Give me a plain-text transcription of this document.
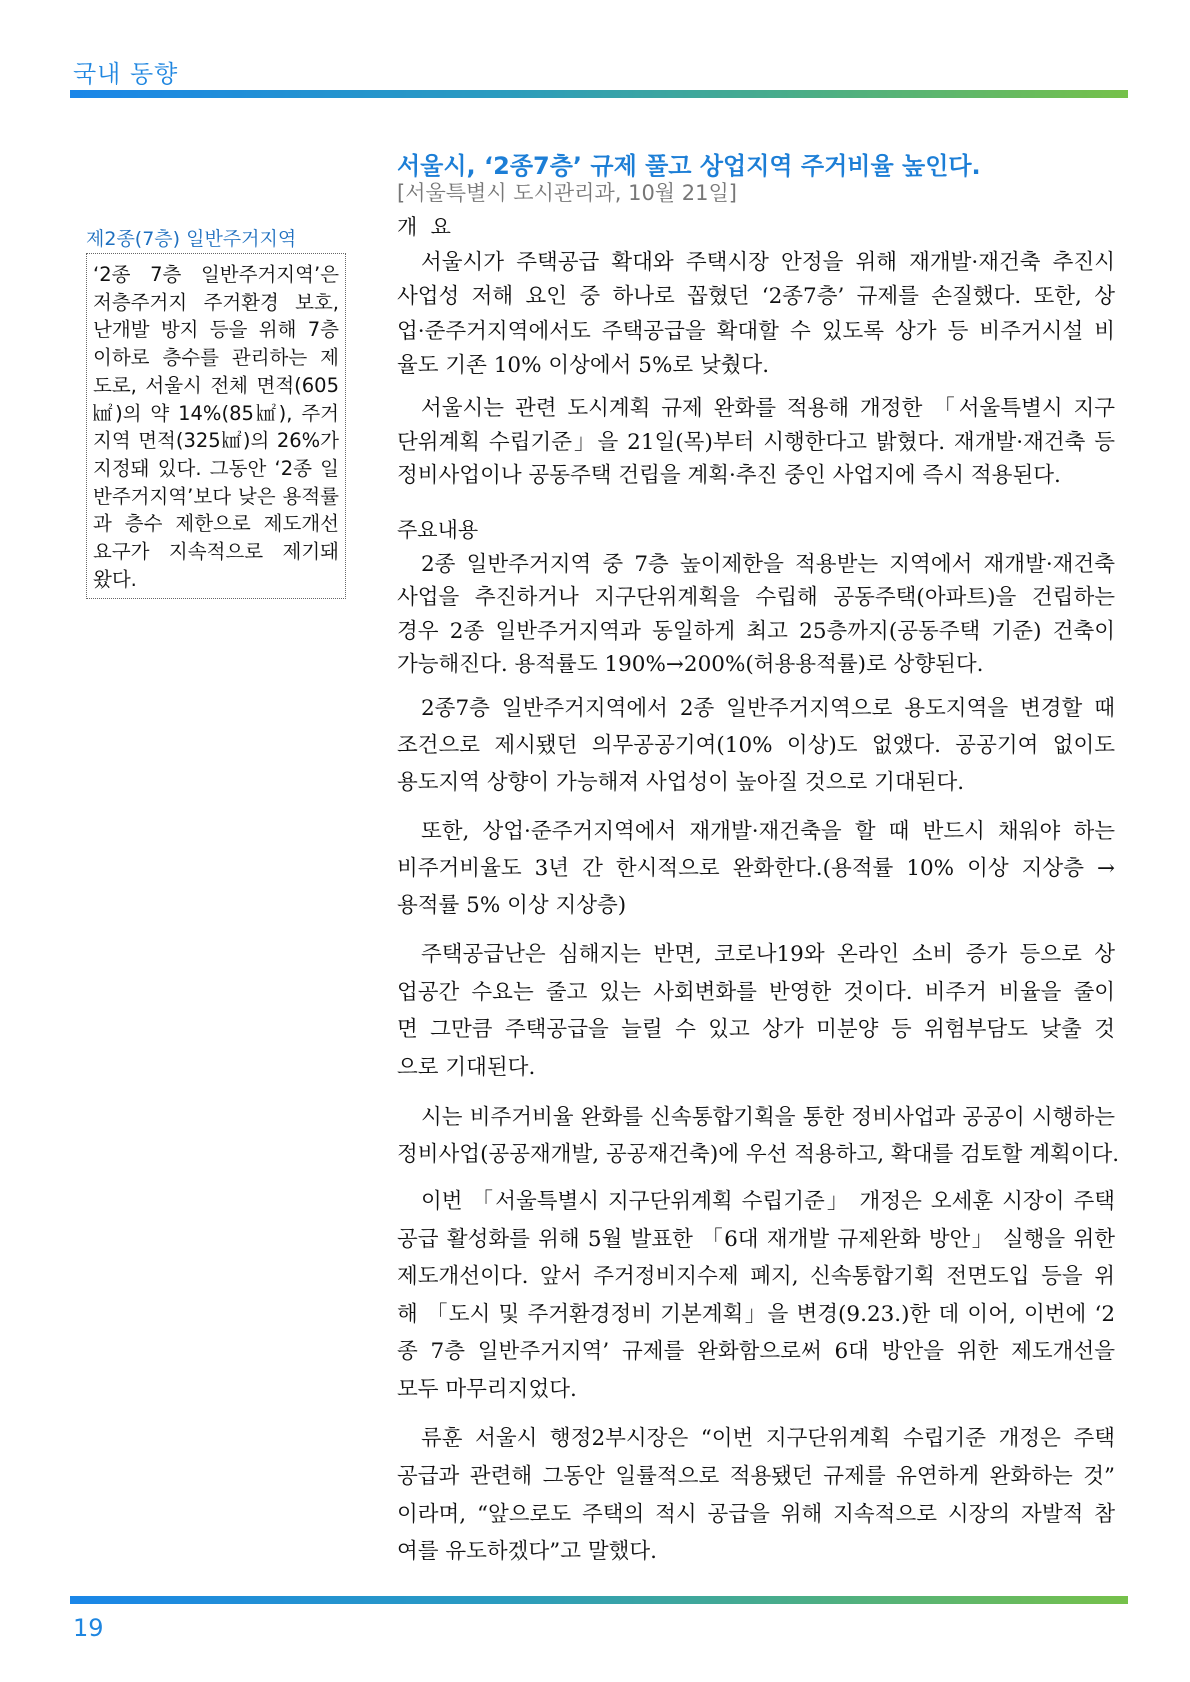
국내 동향
제2종(7층) 일반주거지역
‘2종 7층 일반주거지역’은
저층주거지 주거환경 보호,
난개발 방지 등을 위해 7층
이하로 층수를 관리하는 제
도로, 서울시 전체 면적(605
㎢)의 약 14%(85㎢), 주거
지역 면적(325㎢)의 26%가
지정돼 있다. 그동안 ‘2종 일
반주거지역’보다 낮은 용적률
과 층수 제한으로 제도개선
요구가 지속적으로 제기돼
왔다.
서울시, ‘2종7층’ 규제 풀고 상업지역 주거비율 높인다.
[서울특별시 도시관리과, 10월 21일]
개  요
주요내용
서울시가 주택공급 확대와 주택시장 안정을 위해 재개발·재건축 추진시
사업성 저해 요인 중 하나로 꼽혔던 ‘2종7층’ 규제를 손질했다. 또한, 상
업·준주거지역에서도 주택공급을 확대할 수 있도록 상가 등 비주거시설 비
율도 기존 10% 이상에서 5%로 낮췄다.
서울시는 관련 도시계획 규제 완화를 적용해 개정한 「서울특별시 지구
단위계획 수립기준」을 21일(목)부터 시행한다고 밝혔다. 재개발·재건축 등
정비사업이나 공동주택 건립을 계획·추진 중인 사업지에 즉시 적용된다.
2종 일반주거지역 중 7층 높이제한을 적용받는 지역에서 재개발·재건축
사업을 추진하거나 지구단위계획을 수립해 공동주택(아파트)을 건립하는
경우 2종 일반주거지역과 동일하게 최고 25층까지(공동주택 기준) 건축이
가능해진다. 용적률도 190%→200%(허용용적률)로 상향된다.
2종7층 일반주거지역에서 2종 일반주거지역으로 용도지역을 변경할 때
조건으로 제시됐던 의무공공기여(10% 이상)도 없앴다. 공공기여 없이도
용도지역 상향이 가능해져 사업성이 높아질 것으로 기대된다.
또한, 상업·준주거지역에서 재개발·재건축을 할 때 반드시 채워야 하는
비주거비율도 3년 간 한시적으로 완화한다.(용적률 10% 이상 지상층 →
용적률 5% 이상 지상층)
주택공급난은 심해지는 반면, 코로나19와 온라인 소비 증가 등으로 상
업공간 수요는 줄고 있는 사회변화를 반영한 것이다. 비주거 비율을 줄이
면 그만큼 주택공급을 늘릴 수 있고 상가 미분양 등 위험부담도 낮출 것
으로 기대된다.
시는 비주거비율 완화를 신속통합기획을 통한 정비사업과 공공이 시행하는
정비사업(공공재개발, 공공재건축)에 우선 적용하고, 확대를 검토할 계획이다.
이번 「서울특별시 지구단위계획 수립기준」 개정은 오세훈 시장이 주택
공급 활성화를 위해 5월 발표한 「6대 재개발 규제완화 방안」 실행을 위한
제도개선이다. 앞서 주거정비지수제 폐지, 신속통합기획 전면도입 등을 위
해 「도시 및 주거환경정비 기본계획」을 변경(9.23.)한 데 이어, 이번에 ‘2
종 7층 일반주거지역’ 규제를 완화함으로써 6대 방안을 위한 제도개선을
모두 마무리지었다.
류훈 서울시 행정2부시장은 “이번 지구단위계획 수립기준 개정은 주택
공급과 관련해 그동안 일률적으로 적용됐던 규제를 유연하게 완화하는 것”
이라며, “앞으로도 주택의 적시 공급을 위해 지속적으로 시장의 자발적 참
여를 유도하겠다”고 말했다.
19
